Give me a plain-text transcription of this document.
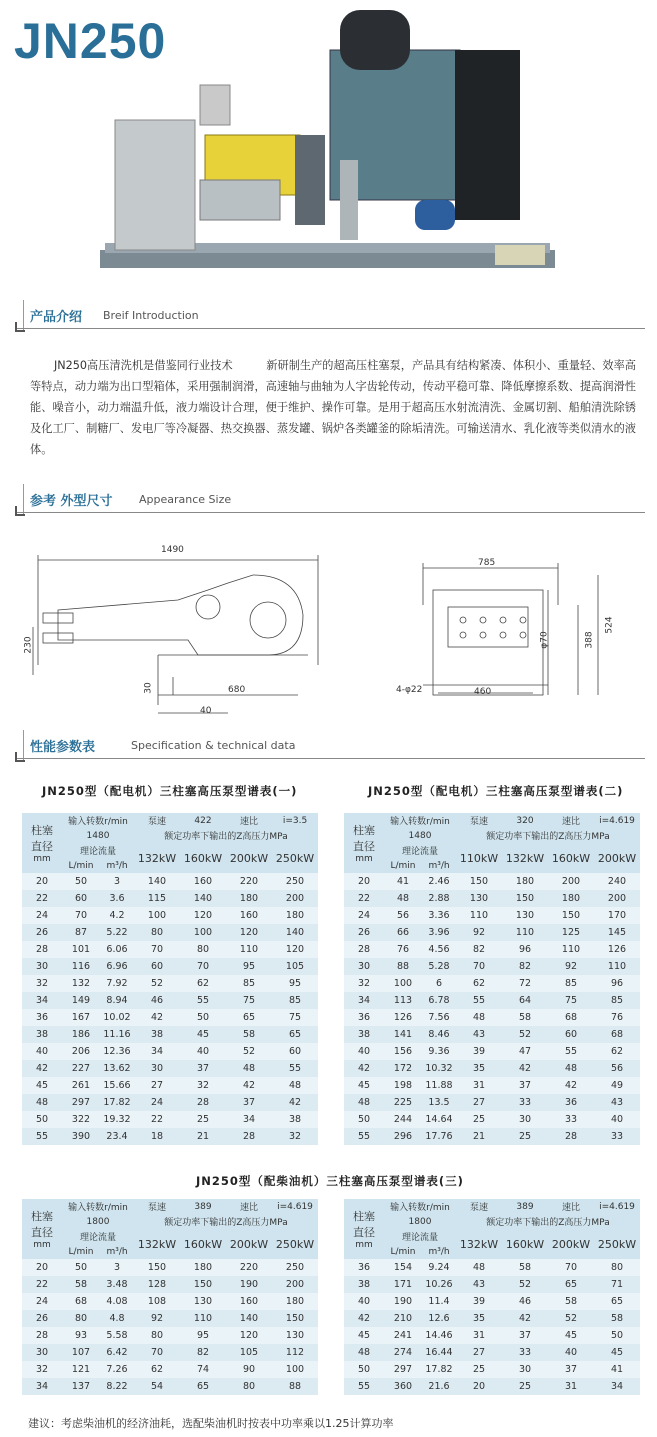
JN250
产品介绍 Breif Introduction

JN250高压清洗机是借鉴同行业技术　　　新研制生产的超高压柱塞泵，产品具有结构紧凑、体积小、重量轻、效率高等特点，动力端为出口型箱体，采用强制润滑，高速轴与曲轴为人字齿轮传动，传动平稳可靠、降低摩擦系数、提高润滑性能、噪音小，动力端温升低，液力端设计合理，便于维护、操作可靠。是用于超高压水射流清洗、金属切割、船舶清洗除锈及化工厂、制糖厂、发电厂等冷凝器、热交换器、蒸发罐、锅炉各类罐釜的除垢清洗。可输送清水、乳化液等类似清水的液体。

参考 外型尺寸 Appearance Size
1490
230
30	680
40
785
524
388
φ70
460
4-φ22
性能参数表	Specification & technical data
JN250型（配电机）三柱塞高压泵型谱表(一)	JN250型（配电机）三柱塞高压泵型谱表(二)
JN250型（配柴油机）三柱塞高压泵型谱表(三)
柱塞直径
mm	输入转数r/min		泵速	422	速比	i=3.5
	1480		额定功率下输出的Z高压力MPa			
	理论流量		132kW	160kW	200kW	250kW
	L/min	m³/h				
20	50	3	140	160	220	250
22	60	3.6	115	140	180	200
24	70	4.2	100	120	160	180
26	87	5.22	80	100	120	140
28	101	6.06	70	80	110	120
30	116	6.96	60	70	95	105
32	132	7.92	52	62	85	95
34	149	8.94	46	55	75	85
36	167	10.02	42	50	65	75
38	186	11.16	38	45	58	65
40	206	12.36	34	40	52	60
42	227	13.62	30	37	48	55
45	261	15.66	27	32	42	48
48	297	17.82	24	28	37	42
50	322	19.32	22	25	34	38
55	390	23.4	18	21	28	32
柱塞直径
mm	输入转数r/min		泵速	320	速比	i=4.619
	1480		额定功率下输出的Z高压力MPa			
	理论流量		110kW	132kW	160kW	200kW
	L/min	m³/h				
20	41	2.46	150	180	200	240
22	48	2.88	130	150	180	200
24	56	3.36	110	130	150	170
26	66	3.96	92	110	125	145
28	76	4.56	82	96	110	126
30	88	5.28	70	82	92	110
32	100	6	62	72	85	96
34	113	6.78	55	64	75	85
36	126	7.56	48	58	68	76
38	141	8.46	43	52	60	68
40	156	9.36	39	47	55	62
42	172	10.32	35	42	48	56
45	198	11.88	31	37	42	49
48	225	13.5	27	33	36	43
50	244	14.64	25	30	33	40
55	296	17.76	21	25	28	33
柱塞直径
mm	输入转数r/min		泵速	389	速比	i=4.619
	1800		额定功率下输出的Z高压力MPa			
	理论流量		132kW	160kW	200kW	250kW
	L/min	m³/h				
20	50	3	150	180	220	250
22	58	3.48	128	150	190	200
24	68	4.08	108	130	160	180
26	80	4.8	92	110	140	150
28	93	5.58	80	95	120	130
30	107	6.42	70	82	105	112
32	121	7.26	62	74	90	100
34	137	8.22	54	65	80	88
柱塞直径
mm	输入转数r/min		泵速	389	速比	i=4.619
	1800		额定功率下输出的Z高压力MPa			
	理论流量		132kW	160kW	200kW	250kW
	L/min	m³/h				
36	154	9.24	48	58	70	80
38	171	10.26	43	52	65	71
40	190	11.4	39	46	58	65
42	210	12.6	35	42	52	58
45	241	14.46	31	37	45	50
48	274	16.44	27	33	40	45
50	297	17.82	25	30	37	41
55	360	21.6	20	25	31	34
建议：考虑柴油机的经济油耗，选配柴油机时按表中功率乘以1.25计算功率
